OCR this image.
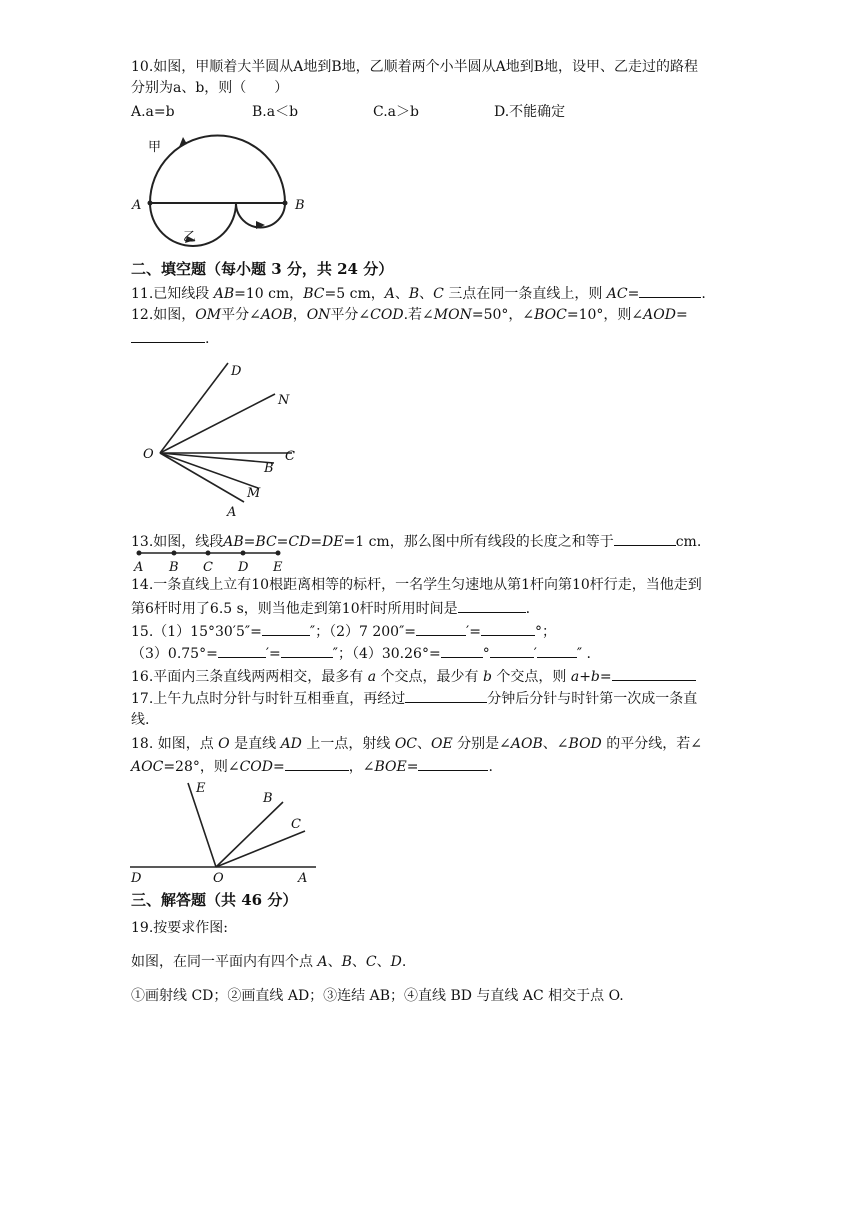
10.如图，甲顺着大半圆从A地到B地，乙顺着两个小半圆从A地到B地，设甲、乙走过的路程
分别为a、b，则（　　）
A.a=b	B.a＜b	C.a＞b	D.不能确定
甲
乙
A	B
二、填空题（每小题 3 分，共 24 分）
11.已知线段 AB=10 cm，BC=5 cm，A、B、C 三点在同一条直线上，则 AC=	.
12.如图，OM平分∠AOB，ON平分∠COD.若∠MON=50°，∠BOC=10°，则∠AOD=
.
D
N
O	C
B
M
A
13.如图，线段AB=BC=CD=DE=1 cm，那么图中所有线段的长度之和等于	cm.
A B C D E
14.一条直线上立有10根距离相等的标杆，一名学生匀速地从第1杆向第10杆行走，当他走到
第6杆时用了6.5 s，则当他走到第10杆时所用时间是	.
15.（1）15°30′5″=	″；（2）7 200″=	′=	°；
（3）0.75°=	′=	″；（4）30.26°=	°	′	″ .
16.平面内三条直线两两相交，最多有 a 个交点，最少有 b 个交点，则 a+b=
17.上午九点时分针与时针互相垂直，再经过	分钟后分针与时针第一次成一条直
线.
18. 如图，点 O 是直线 AD 上一点，射线 OC、OE 分别是∠AOB、∠BOD 的平分线，若∠
AOC=28°，则∠COD=	，∠BOE=	.
E
B
C
D	O	A
三、解答题（共 46 分）
19.按要求作图:
如图，在同一平面内有四个点 A、B、C、D.
①画射线 CD；②画直线 AD；③连结 AB；④直线 BD 与直线 AC 相交于点 O.
